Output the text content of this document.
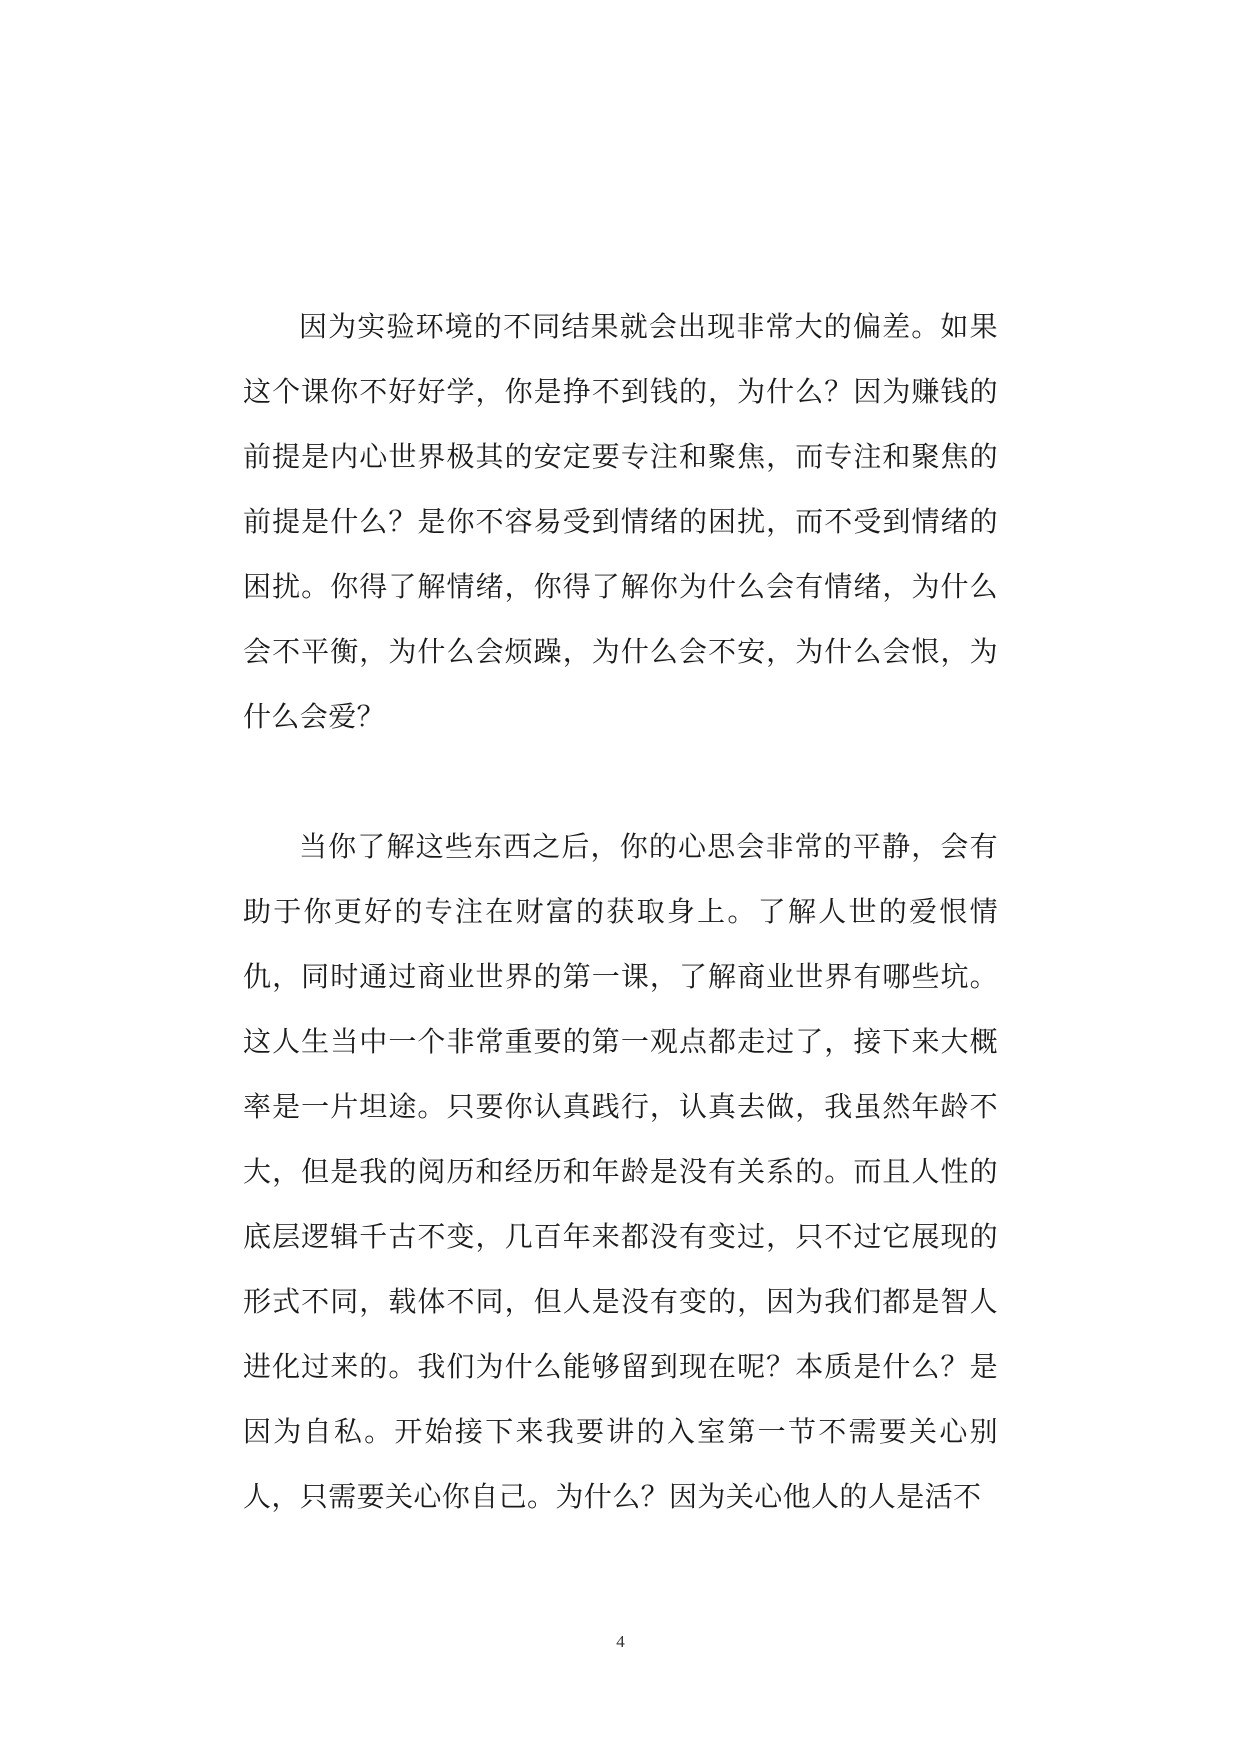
因为实验环境的不同结果就会出现非常大的偏差。如果这个课你不好好学，你是挣不到钱的，为什么？因为赚钱的前提是内心世界极其的安定要专注和聚焦，而专注和聚焦的前提是什么？是你不容易受到情绪的困扰，而不受到情绪的困扰。你得了解情绪，你得了解你为什么会有情绪，为什么会不平衡，为什么会烦躁，为什么会不安，为什么会恨，为什么会爱？

当你了解这些东西之后，你的心思会非常的平静，会有助于你更好的专注在财富的获取身上。了解人世的爱恨情仇，同时通过商业世界的第一课，了解商业世界有哪些坑。这人生当中一个非常重要的第一观点都走过了，接下来大概率是一片坦途。只要你认真践行，认真去做，我虽然年龄不大，但是我的阅历和经历和年龄是没有关系的。而且人性的底层逻辑千古不变，几百年来都没有变过，只不过它展现的形式不同，载体不同，但人是没有变的，因为我们都是智人进化过来的。我们为什么能够留到现在呢？本质是什么？是因为自私。开始接下来我要讲的入室第一节不需要关心别人，只需要关心你自己。为什么？因为关心他人的人是活不

4
